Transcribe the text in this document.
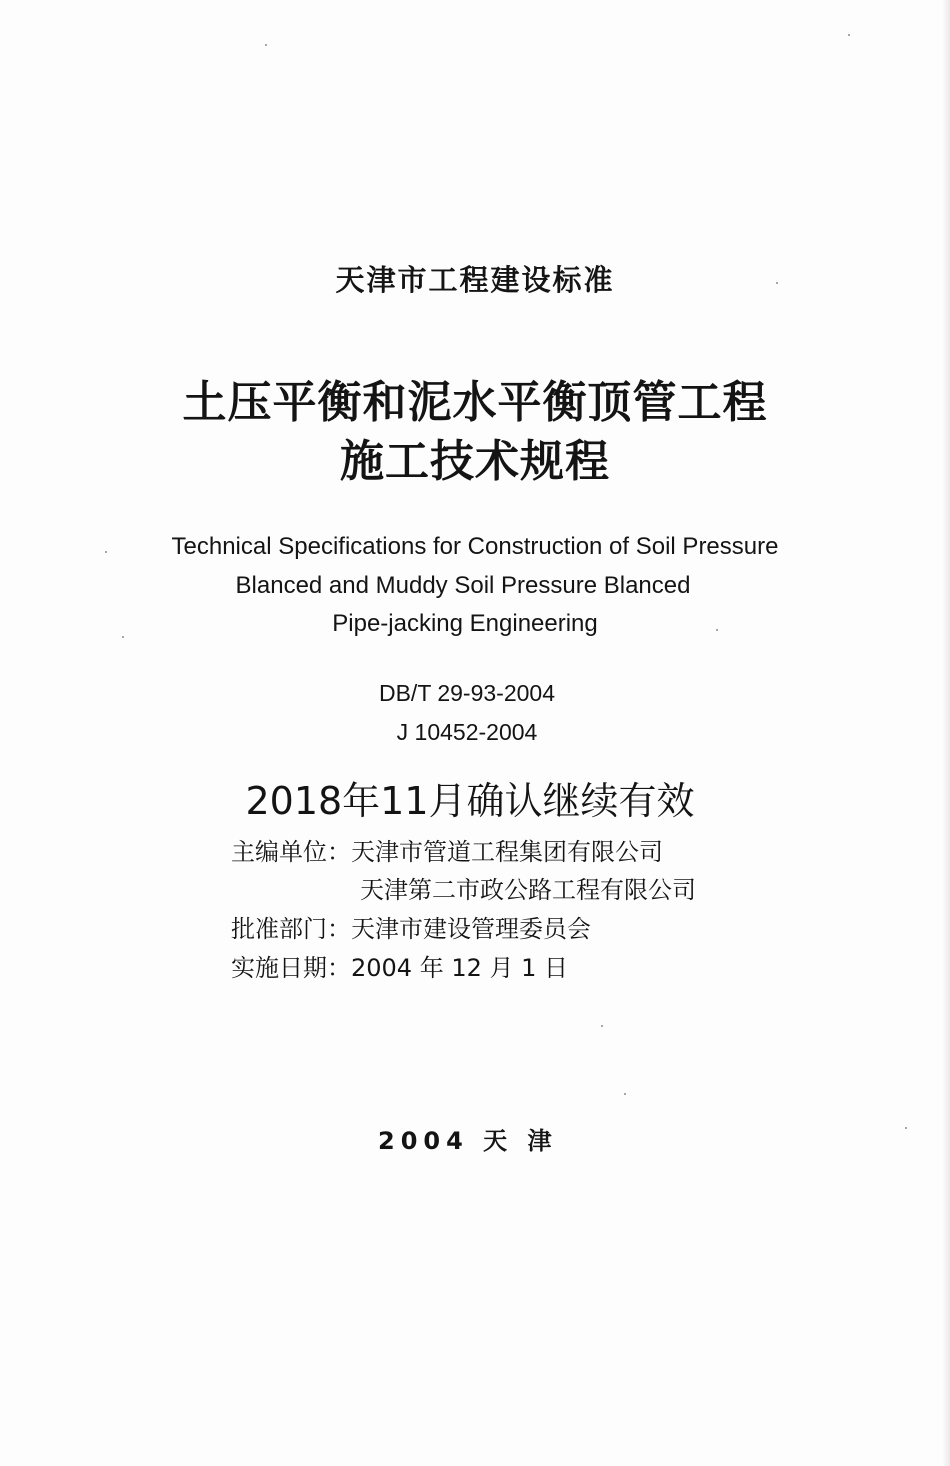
天津市工程建设标准
土压平衡和泥水平衡顶管工程
施工技术规程
Technical Specifications for Construction of Soil Pressure
Blanced and Muddy Soil Pressure Blanced
Pipe-jacking Engineering
DB/T 29-93-2004
J 10452-2004
2018年11月确认继续有效
主编单位：天津市管道工程集团有限公司
天津第二市政公路工程有限公司
批准部门：天津市建设管理委员会
实施日期：2004 年 12 月 1 日
2004 天 津
